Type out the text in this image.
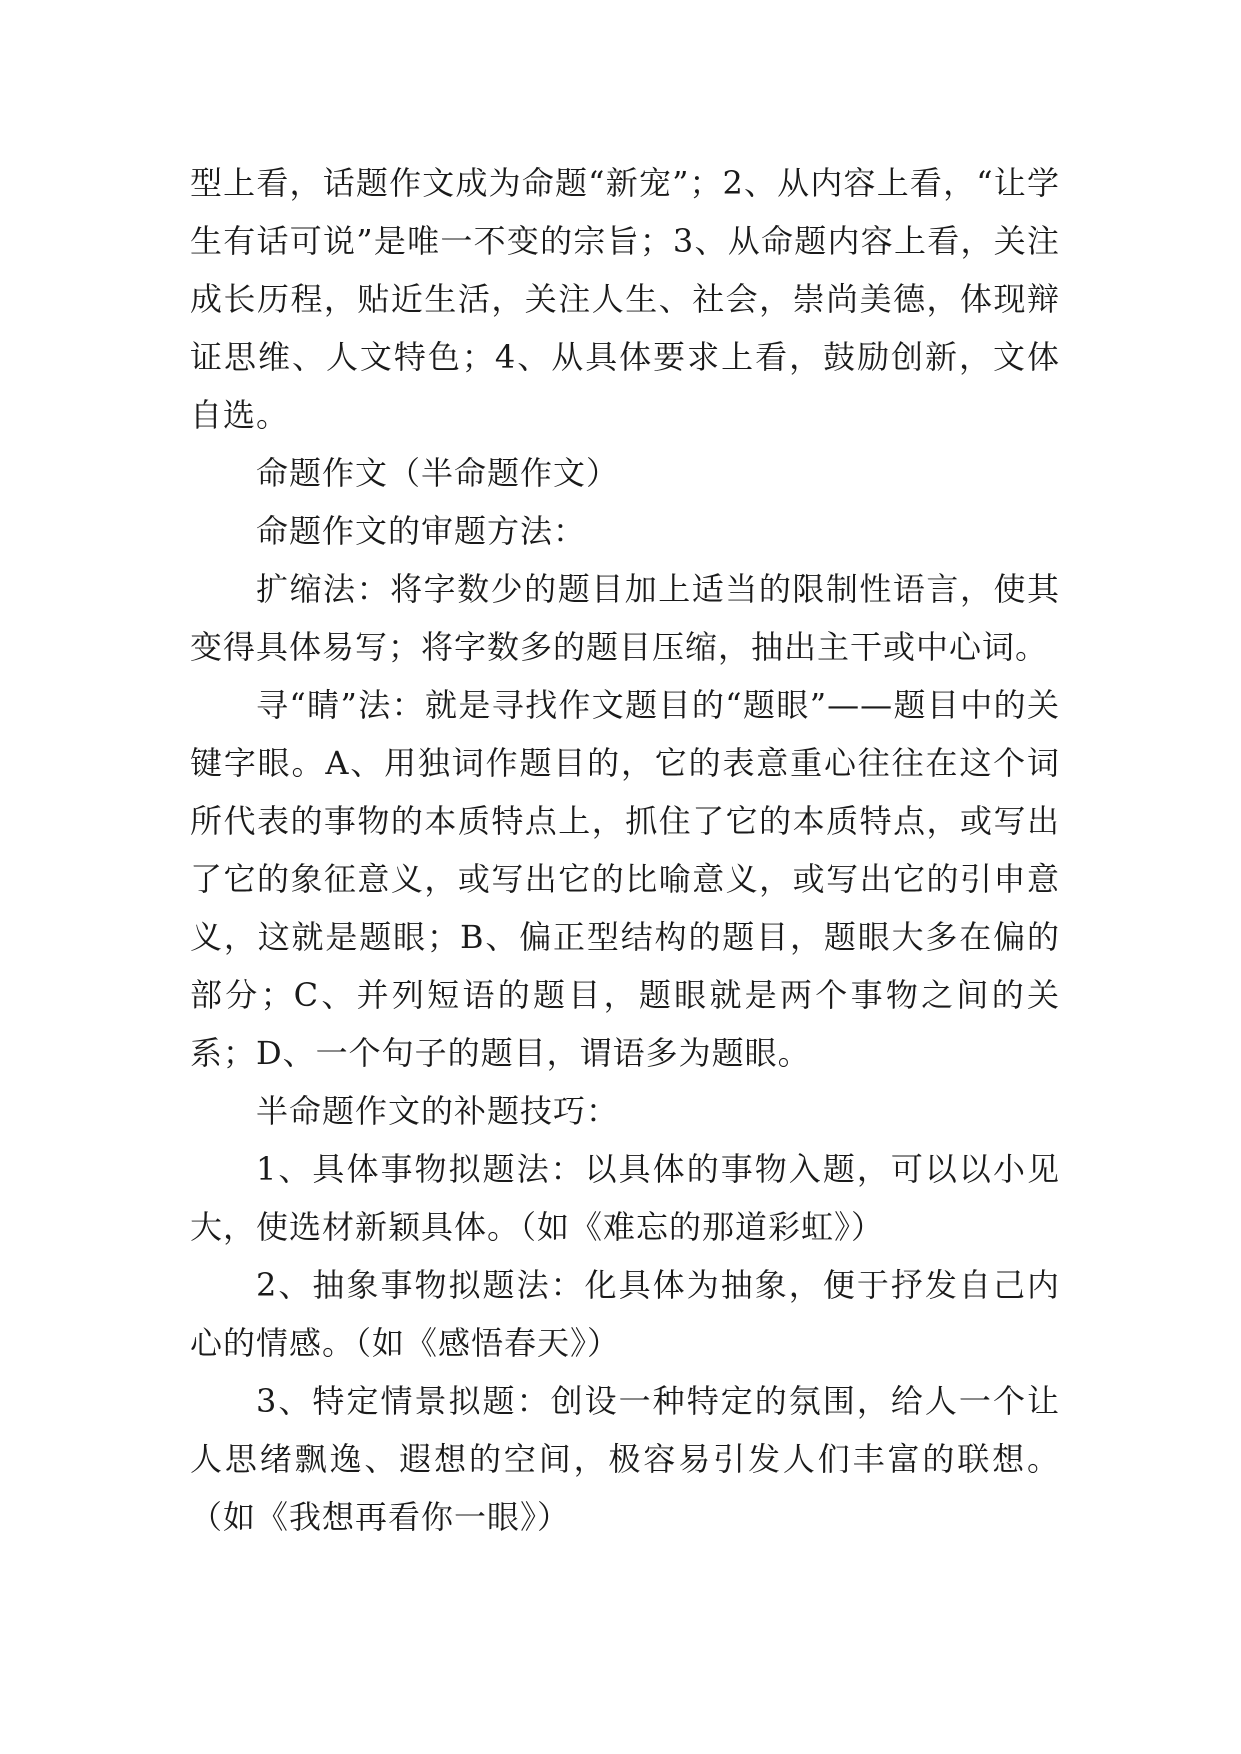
型上看，话题作文成为命题“新宠”；2、从内容上看，“让学生有话可说”是唯一不变的宗旨；3、从命题内容上看，关注成长历程，贴近生活，关注人生、社会，崇尚美德，体现辩证思维、人文特色；4、从具体要求上看，鼓励创新，文体自选。

命题作文（半命题作文）

命题作文的审题方法：

扩缩法：将字数少的题目加上适当的限制性语言，使其变得具体易写；将字数多的题目压缩，抽出主干或中心词。

寻“睛”法：就是寻找作文题目的“题眼”——题目中的关键字眼。A、用独词作题目的，它的表意重心往往在这个词所代表的事物的本质特点上，抓住了它的本质特点，或写出了它的象征意义，或写出它的比喻意义，或写出它的引申意义，这就是题眼；B、偏正型结构的题目，题眼大多在偏的部分；C、并列短语的题目，题眼就是两个事物之间的关系；D、一个句子的题目，谓语多为题眼。

半命题作文的补题技巧：

1、具体事物拟题法：以具体的事物入题，可以以小见大，使选材新颖具体。（如《难忘的那道彩虹》）

2、抽象事物拟题法：化具体为抽象，便于抒发自己内心的情感。（如《感悟春天》）

3、特定情景拟题：创设一种特定的氛围，给人一个让人思绪飘逸、遐想的空间，极容易引发人们丰富的联想。（如《我想再看你一眼》）
